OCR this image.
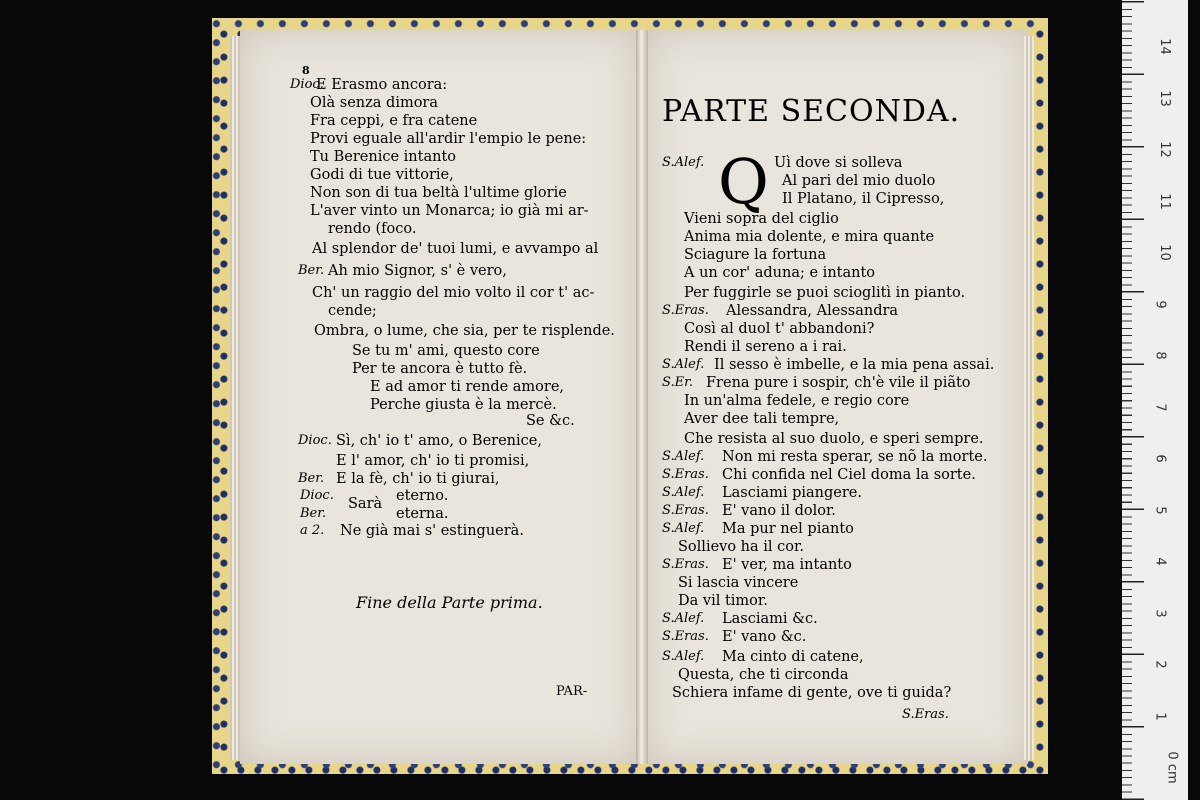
8
Dioc.
E Erasmo ancora:
Olà senza dimora
Fra ceppi, e fra catene
Provi eguale all'ardir l'empio le pene:
Tu Berenice intanto
Godi di tue vittorie,
Non son di tua beltà l'ultime glorie
L'aver vinto un Monarca; io già mi ar-
rendo (foco.
Al splendor de' tuoi lumi, e avvampo al
Ber. Ah mio Signor, s' è vero,
Ch' un raggio del mio volto il cor t' ac-
cende;
Ombra, o lume, che sia, per te risplende.
Se tu m' ami, questo core
Per te ancora è tutto fè.
E ad amor ti rende amore,
Perche giusta è la mercè.
Se &c.
Dioc. Sì, ch' io t' amo, o Berenice,
E l' amor, ch' io ti promisi,
Ber. E la fè, ch' io ti giurai,
Dioc.	eterno.
Ber.	eterna.
a 2. Ne già mai s' estinguerà.
Sarà
Fine della Parte prima.
PAR-
PARTE SECONDA.
Q
S.Alef.	Uì dove si solleva
Al pari del mio duolo
Il Platano, il Cipresso,
Vieni sopra del ciglio
Anima mia dolente, e mira quante
Sciagure la fortuna
A un cor' aduna; e intanto
Per fuggirle se puoi scioglitì in pianto.
S.Eras. Alessandra, Alessandra
Così al duol t' abbandoni?
Rendi il sereno a i rai.
S.Alef. Il sesso è imbelle, e la mia pena assai.
S.Er. Frena pure i sospir, ch'è vile il piãto
In un'alma fedele, e regio core
Aver dee tali tempre,
Che resista al suo duolo, e speri sempre.
S.Alef. Non mi resta sperar, se nõ la morte.
S.Eras. Chi confida nel Ciel doma la sorte.
S.Alef. Lasciami piangere.
S.Eras. E' vano il dolor.
S.Alef. Ma pur nel pianto
Sollievo ha il cor.
S.Eras. E' ver, ma intanto
Si lascia vincere
Da vil timor.
S.Alef. Lasciami &c.
S.Eras. E' vano &c.
S.Alef. Ma cinto di catene,
Questa, che ti circonda
Schiera infame di gente, ove ti guida?
S.Eras.
0 cm
1
2
3
4
5
6
7
8
9
10
11
12
13
14
